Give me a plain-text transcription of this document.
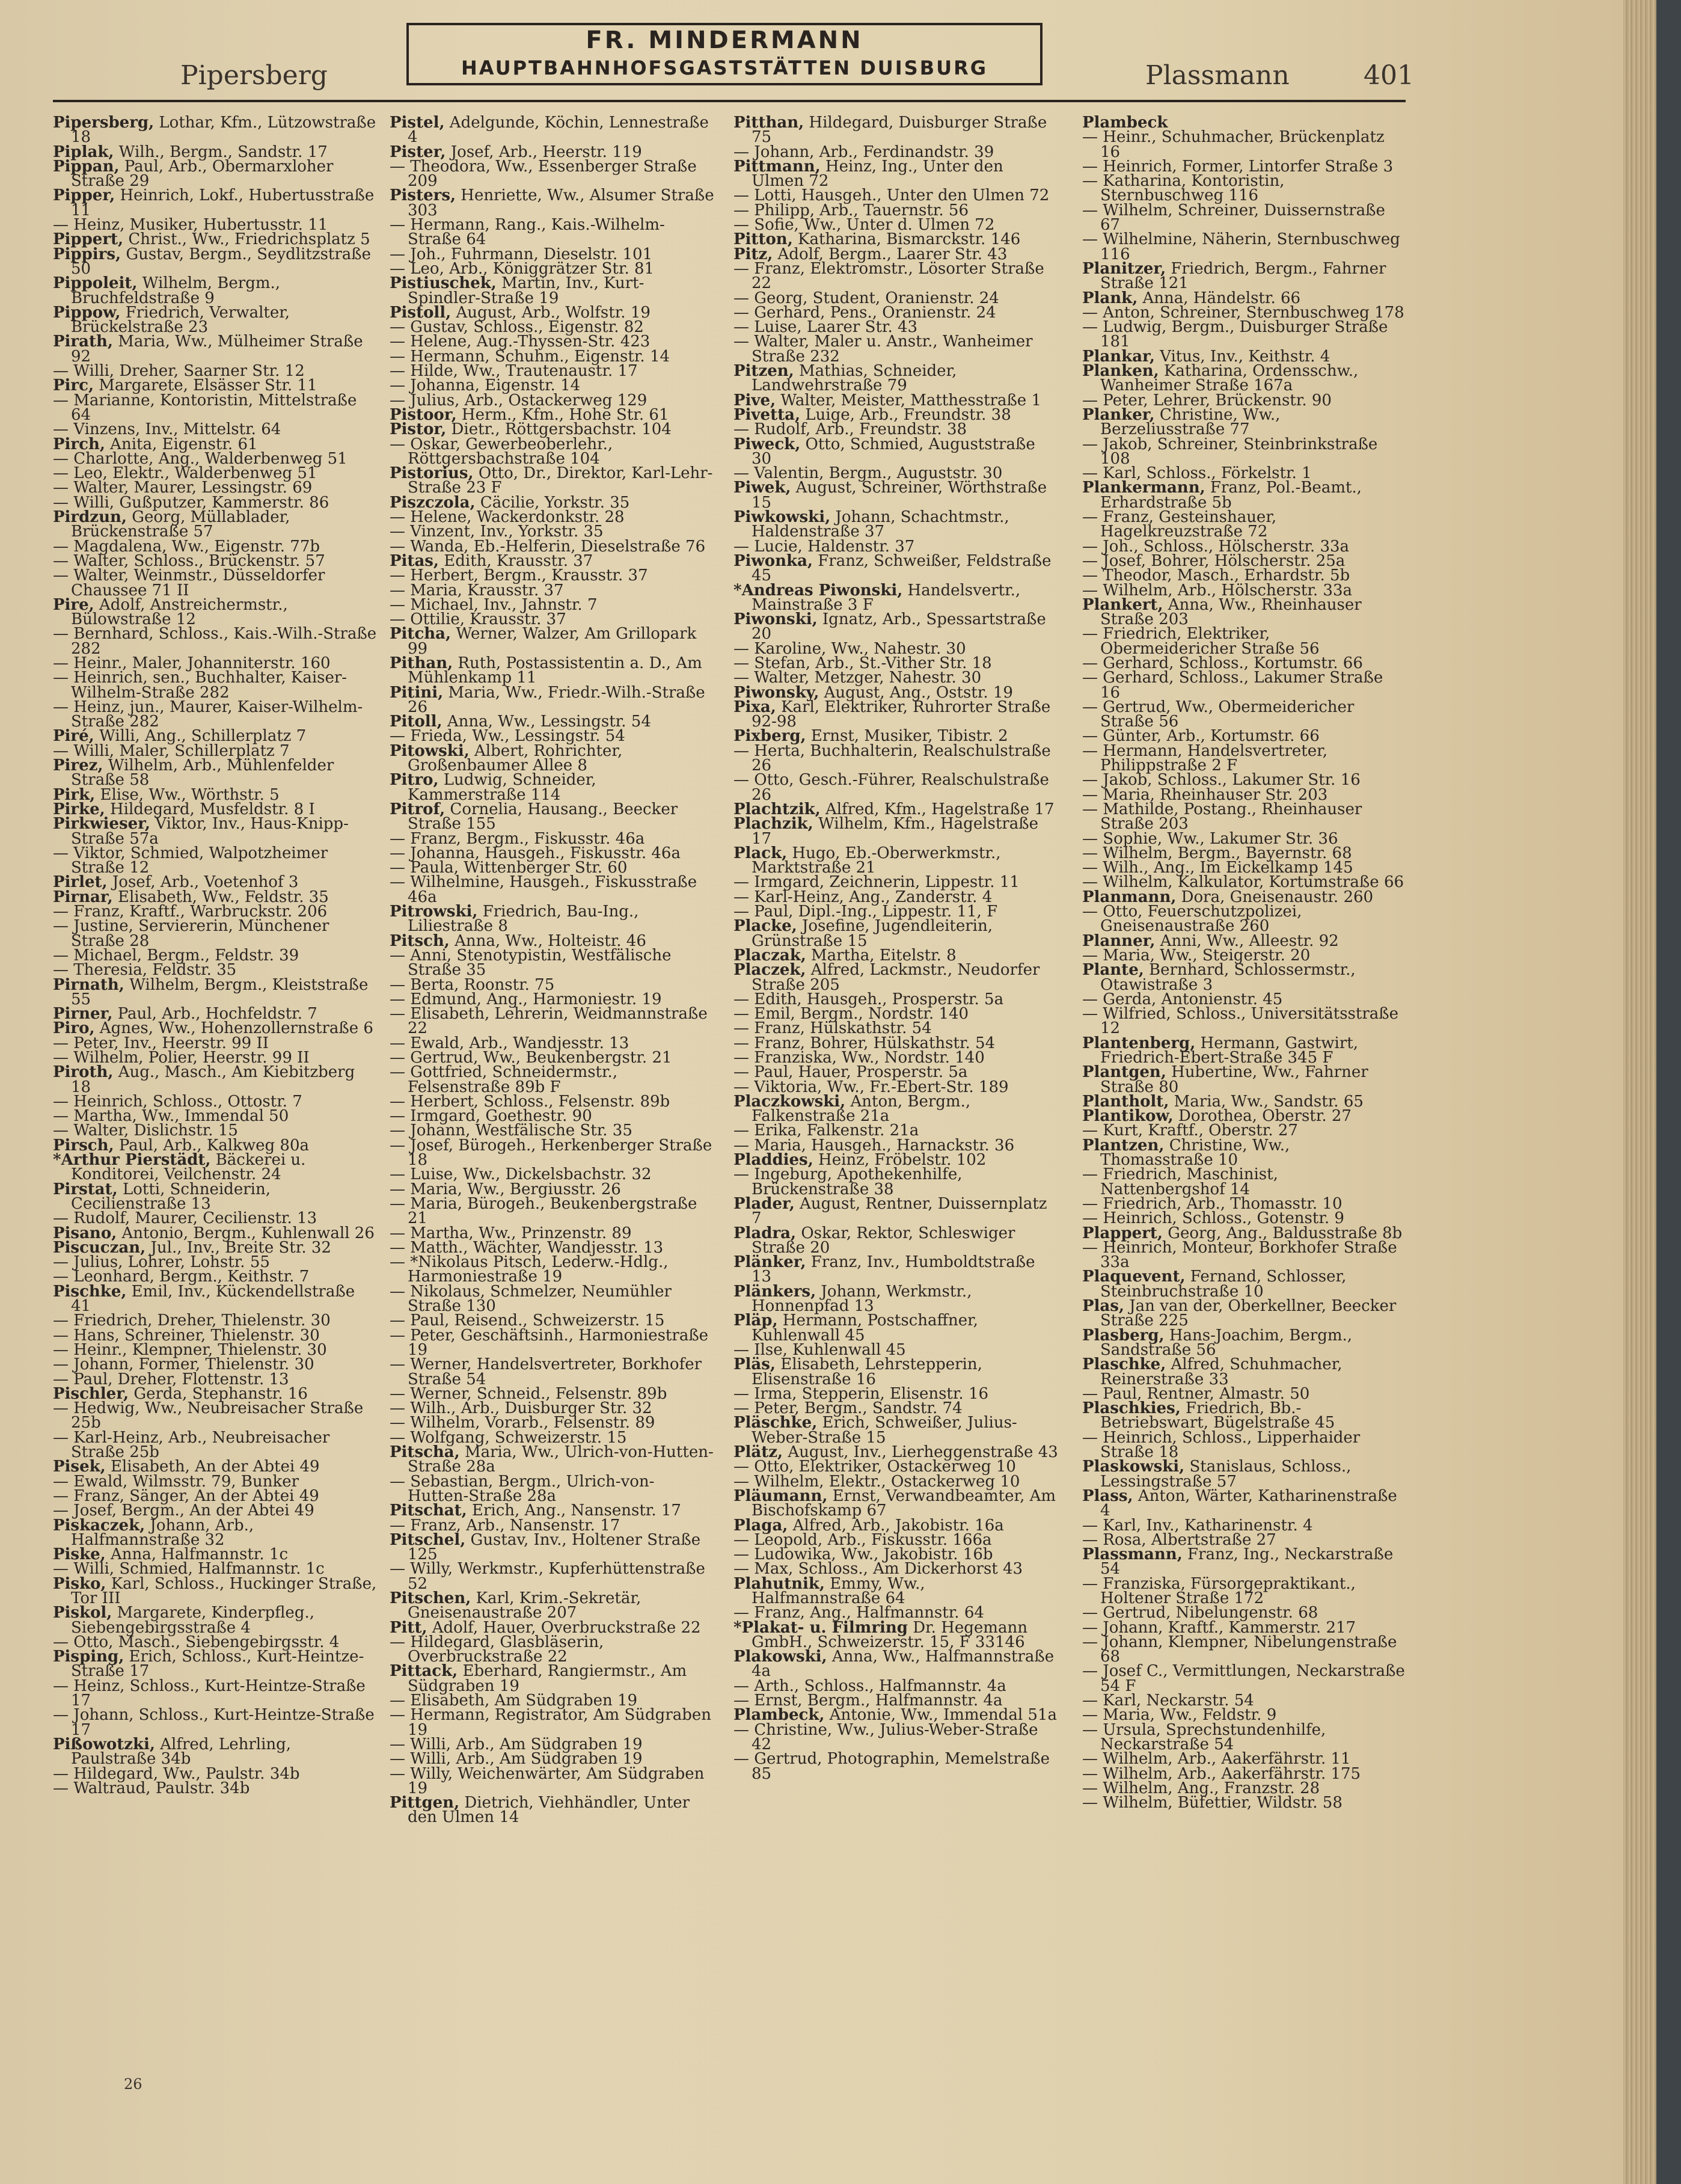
Pipersberg
FR. MINDERMANN
HAUPTBAHNHOFSGASTSTÄTTEN DUISBURG	Plassmann	401
Pipersberg, Lothar, Kfm., Lützowstraße 18
Piplak, Wilh., Bergm., Sandstr. 17
Pippan, Paul, Arb., Obermarxloher Straße 29
Pipper, Heinrich, Lokf., Hubertusstraße 11
— Heinz, Musiker, Hubertusstr. 11
Pippert, Christ., Ww., Friedrichsplatz 5
Pippirs, Gustav, Bergm., Seydlitzstraße 50
Pippoleit, Wilhelm, Bergm., Bruchfeldstraße 9
Pippow, Friedrich, Verwalter, Brückelstraße 23
Pirath, Maria, Ww., Mülheimer Straße 92
— Willi, Dreher, Saarner Str. 12
Pirc, Margarete, Elsässer Str. 11
— Marianne, Kontoristin, Mittelstraße 64
— Vinzens, Inv., Mittelstr. 64
Pirch, Anita, Eigenstr. 61
— Charlotte, Ang., Walderbenweg 51
— Leo, Elektr., Walderbenweg 51
— Walter, Maurer, Lessingstr. 69
— Willi, Gußputzer, Kammerstr. 86
Pirdzun, Georg, Müllablader, Brückenstraße 57
— Magdalena, Ww., Eigenstr. 77b
— Walter, Schloss., Brückenstr. 57
— Walter, Weinmstr., Düsseldorfer Chaussee 71 II
Pire, Adolf, Anstreichermstr., Bülowstraße 12
— Bernhard, Schloss., Kais.-Wilh.-Straße 282
— Heinr., Maler, Johanniterstr. 160
— Heinrich, sen., Buchhalter, Kaiser-Wilhelm-Straße 282
— Heinz, jun., Maurer, Kaiser-Wilhelm-Straße 282
Piré, Willi, Ang., Schillerplatz 7
— Willi, Maler, Schillerplatz 7
Pirez, Wilhelm, Arb., Mühlenfelder Straße 58
Pirk, Elise, Ww., Wörthstr. 5
Pirke, Hildegard, Musfeldstr. 8 I
Pirkwieser, Viktor, Inv., Haus-Knipp-Straße 57a
— Viktor, Schmied, Walpotzheimer Straße 12
Pirlet, Josef, Arb., Voetenhof 3
Pirnar, Elisabeth, Ww., Feldstr. 35
— Franz, Kraftf., Warbruckstr. 206
— Justine, Serviererin, Münchener Straße 28
— Michael, Bergm., Feldstr. 39
— Theresia, Feldstr. 35
Pirnath, Wilhelm, Bergm., Kleiststraße 55
Pirner, Paul, Arb., Hochfeldstr. 7
Piro, Agnes, Ww., Hohenzollernstraße 6
— Peter, Inv., Heerstr. 99 II
— Wilhelm, Polier, Heerstr. 99 II
Piroth, Aug., Masch., Am Kiebitzberg 18
— Heinrich, Schloss., Ottostr. 7
— Martha, Ww., Immendal 50
— Walter, Dislichstr. 15
Pirsch, Paul, Arb., Kalkweg 80a
*Arthur Pierstädt, Bäckerei u. Konditorei, Veilchenstr. 24
Pirstat, Lotti, Schneiderin, Cecilienstraße 13
— Rudolf, Maurer, Cecilienstr. 13
Pisano, Antonio, Bergm., Kuhlenwall 26
Piscuczan, Jul., Inv., Breite Str. 32
— Julius, Lohrer, Lohstr. 55
— Leonhard, Bergm., Keithstr. 7
Pischke, Emil, Inv., Kückendellstraße 41
— Friedrich, Dreher, Thielenstr. 30
— Hans, Schreiner, Thielenstr. 30
— Heinr., Klempner, Thielenstr. 30
— Johann, Former, Thielenstr. 30
— Paul, Dreher, Flottenstr. 13
Pischler, Gerda, Stephanstr. 16
— Hedwig, Ww., Neubreisacher Straße 25b
— Karl-Heinz, Arb., Neubreisacher Straße 25b
Pisek, Elisabeth, An der Abtei 49
— Ewald, Wilmsstr. 79, Bunker
— Franz, Sänger, An der Abtei 49
— Josef, Bergm., An der Abtei 49
Piskaczek, Johann, Arb., Halfmannstraße 32
Piske, Anna, Halfmannstr. 1c
— Willi, Schmied, Halfmannstr. 1c
Pisko, Karl, Schloss., Huckinger Straße, Tor III
Piskol, Margarete, Kinderpfleg., Siebengebirgsstraße 4
— Otto, Masch., Siebengebirgsstr. 4
Pisping, Erich, Schloss., Kurt-Heintze-Straße 17
— Heinz, Schloss., Kurt-Heintze-Straße 17
— Johann, Schloss., Kurt-Heintze-Straße 17
Pißowotzki, Alfred, Lehrling, Paulstraße 34b
— Hildegard, Ww., Paulstr. 34b
— Waltraud, Paulstr. 34b
Pistel, Adelgunde, Köchin, Lennestraße 4
Pister, Josef, Arb., Heerstr. 119
— Theodora, Ww., Essenberger Straße 209
Pisters, Henriette, Ww., Alsumer Straße 303
— Hermann, Rang., Kais.-Wilhelm-Straße 64
— Joh., Fuhrmann, Dieselstr. 101
— Leo, Arb., Königgrätzer Str. 81
Pistiuschek, Martin, Inv., Kurt-Spindler-Straße 19
Pistoll, August, Arb., Wolfstr. 19
— Gustav, Schloss., Eigenstr. 82
— Helene, Aug.-Thyssen-Str. 423
— Hermann, Schuhm., Eigenstr. 14
— Hilde, Ww., Trautenaustr. 17
— Johanna, Eigenstr. 14
— Julius, Arb., Ostackerweg 129
Pistoor, Herm., Kfm., Hohe Str. 61
Pistor, Dietr., Röttgersbachstr. 104
— Oskar, Gewerbeoberlehr., Röttgersbachstraße 104
Pistorius, Otto, Dr., Direktor, Karl-Lehr-Straße 23 F
Piszczola, Cäcilie, Yorkstr. 35
— Helene, Wackerdonkstr. 28
— Vinzent, Inv., Yorkstr. 35
— Wanda, Eb.-Helferin, Dieselstraße 76
Pitas, Edith, Krausstr. 37
— Herbert, Bergm., Krausstr. 37
— Maria, Krausstr. 37
— Michael, Inv., Jahnstr. 7
— Ottilie, Krausstr. 37
Pitcha, Werner, Walzer, Am Grillopark 99
Pithan, Ruth, Postassistentin a. D., Am Mühlenkamp 11
Pitini, Maria, Ww., Friedr.-Wilh.-Straße 26
Pitoll, Anna, Ww., Lessingstr. 54
— Frieda, Ww., Lessingstr. 54
Pitowski, Albert, Rohrichter, Großenbaumer Allee 8
Pitro, Ludwig, Schneider, Kammerstraße 114
Pitrof, Cornelia, Hausang., Beecker Straße 155
— Franz, Bergm., Fiskusstr. 46a
— Johanna, Hausgeh., Fiskusstr. 46a
— Paula, Wittenberger Str. 60
— Wilhelmine, Hausgeh., Fiskusstraße 46a
Pitrowski, Friedrich, Bau-Ing., Liliestraße 8
Pitsch, Anna, Ww., Holteistr. 46
— Anni, Stenotypistin, Westfälische Straße 35
— Berta, Roonstr. 75
— Edmund, Ang., Harmoniestr. 19
— Elisabeth, Lehrerin, Weidmannstraße 22
— Ewald, Arb., Wandjesstr. 13
— Gertrud, Ww., Beukenbergstr. 21
— Gottfried, Schneidermstr., Felsenstraße 89b F
— Herbert, Schloss., Felsenstr. 89b
— Irmgard, Goethestr. 90
— Johann, Westfälische Str. 35
— Josef, Bürogeh., Herkenberger Straße 18
— Luise, Ww., Dickelsbachstr. 32
— Maria, Ww., Bergiusstr. 26
— Maria, Bürogeh., Beukenbergstraße 21
— Martha, Ww., Prinzenstr. 89
— Matth., Wächter, Wandjesstr. 13
— *Nikolaus Pitsch, Lederw.-Hdlg., Harmoniestraße 19
— Nikolaus, Schmelzer, Neumühler Straße 130
— Paul, Reisend., Schweizerstr. 15
— Peter, Geschäftsinh., Harmoniestraße 19
— Werner, Handelsvertreter, Borkhofer Straße 54
— Werner, Schneid., Felsenstr. 89b
— Wilh., Arb., Duisburger Str. 32
— Wilhelm, Vorarb., Felsenstr. 89
— Wolfgang, Schweizerstr. 15
Pitscha, Maria, Ww., Ulrich-von-Hutten-Straße 28a
— Sebastian, Bergm., Ulrich-von-Hutten-Straße 28a
Pitschat, Erich, Ang., Nansenstr. 17
— Franz, Arb., Nansenstr. 17
Pitschel, Gustav, Inv., Holtener Straße 125
— Willy, Werkmstr., Kupferhüttenstraße 52
Pitschen, Karl, Krim.-Sekretär, Gneisenaustraße 207
Pitt, Adolf, Hauer, Overbruckstraße 22
— Hildegard, Glasbläserin, Overbruckstraße 22
Pittack, Eberhard, Rangiermstr., Am Südgraben 19
— Elisabeth, Am Südgraben 19
— Hermann, Registrator, Am Südgraben 19
— Willi, Arb., Am Südgraben 19
— Willi, Arb., Am Südgraben 19
— Willy, Weichenwärter, Am Südgraben 19
Pittgen, Dietrich, Viehhändler, Unter den Ulmen 14
Pitthan, Hildegard, Duisburger Straße 75
— Johann, Arb., Ferdinandstr. 39
Pittmann, Heinz, Ing., Unter den Ulmen 72
— Lotti, Hausgeh., Unter den Ulmen 72
— Philipp, Arb., Tauernstr. 56
— Sofie, Ww., Unter d. Ulmen 72
Pitton, Katharina, Bismarckstr. 146
Pitz, Adolf, Bergm., Laarer Str. 43
— Franz, Elektromstr., Lösorter Straße 22
— Georg, Student, Oranienstr. 24
— Gerhard, Pens., Oranienstr. 24
— Luise, Laarer Str. 43
— Walter, Maler u. Anstr., Wanheimer Straße 232
Pitzen, Mathias, Schneider, Landwehrstraße 79
Pive, Walter, Meister, Matthesstraße 1
Pivetta, Luige, Arb., Freundstr. 38
— Rudolf, Arb., Freundstr. 38
Piweck, Otto, Schmied, Auguststraße 30
— Valentin, Bergm., Auguststr. 30
Piwek, August, Schreiner, Wörthstraße 15
Piwkowski, Johann, Schachtmstr., Haldenstraße 37
— Lucie, Haldenstr. 37
Piwonka, Franz, Schweißer, Feldstraße 45
*Andreas Piwonski, Handelsvertr., Mainstraße 3 F
Piwonski, Ignatz, Arb., Spessartstraße 20
— Karoline, Ww., Nahestr. 30
— Stefan, Arb., St.-Vither Str. 18
— Walter, Metzger, Nahestr. 30
Piwonsky, August, Ang., Oststr. 19
Pixa, Karl, Elektriker, Ruhrorter Straße 92-98
Pixberg, Ernst, Musiker, Tibistr. 2
— Herta, Buchhalterin, Realschulstraße 26
— Otto, Gesch.-Führer, Realschulstraße 26
Plachtzik, Alfred, Kfm., Hagelstraße 17
Plachzik, Wilhelm, Kfm., Hagelstraße 17
Plack, Hugo, Eb.-Oberwerkmstr., Marktstraße 21
— Irmgard, Zeichnerin, Lippestr. 11
— Karl-Heinz, Ang., Zanderstr. 4
— Paul, Dipl.-Ing., Lippestr. 11, F
Placke, Josefine, Jugendleiterin, Grünstraße 15
Placzak, Martha, Eitelstr. 8
Placzek, Alfred, Lackmstr., Neudorfer Straße 205
— Edith, Hausgeh., Prosperstr. 5a
— Emil, Bergm., Nordstr. 140
— Franz, Hülskathstr. 54
— Franz, Bohrer, Hülskathstr. 54
— Franziska, Ww., Nordstr. 140
— Paul, Hauer, Prosperstr. 5a
— Viktoria, Ww., Fr.-Ebert-Str. 189
Placzkowski, Anton, Bergm., Falkenstraße 21a
— Erika, Falkenstr. 21a
— Maria, Hausgeh., Harnackstr. 36
Pladdies, Heinz, Fröbelstr. 102
— Ingeburg, Apothekenhilfe, Brückenstraße 38
Plader, August, Rentner, Duissernplatz 7
Pladra, Oskar, Rektor, Schleswiger Straße 20
Plänker, Franz, Inv., Humboldtstraße 13
Plänkers, Johann, Werkmstr., Honnenpfad 13
Pläp, Hermann, Postschaffner, Kuhlenwall 45
— Ilse, Kuhlenwall 45
Pläs, Elisabeth, Lehrstepperin, Elisenstraße 16
— Irma, Stepperin, Elisenstr. 16
— Peter, Bergm., Sandstr. 74
Pläschke, Erich, Schweißer, Julius-Weber-Straße 15
Plätz, August, Inv., Lierheggenstraße 43
— Otto, Elektriker, Ostackerweg 10
— Wilhelm, Elektr., Ostackerweg 10
Pläumann, Ernst, Verwandbeamter, Am Bischofskamp 67
Plaga, Alfred, Arb., Jakobistr. 16a
— Leopold, Arb., Fiskusstr. 166a
— Ludowika, Ww., Jakobistr. 16b
— Max, Schloss., Am Dickerhorst 43
Plahutnik, Emmy, Ww., Halfmannstraße 64
— Franz, Ang., Halfmannstr. 64
*Plakat- u. Filmring Dr. Hegemann GmbH., Schweizerstr. 15, F 33146
Plakowski, Anna, Ww., Halfmannstraße 4a
— Arth., Schloss., Halfmannstr. 4a
— Ernst, Bergm., Halfmannstr. 4a
Plambeck, Antonie, Ww., Immendal 51a
— Christine, Ww., Julius-Weber-Straße 42
— Gertrud, Photographin, Memelstraße 85
Plambeck
— Heinr., Schuhmacher, Brückenplatz 16
— Heinrich, Former, Lintorfer Straße 3
— Katharina, Kontoristin, Sternbuschweg 116
— Wilhelm, Schreiner, Duissernstraße 67
— Wilhelmine, Näherin, Sternbuschweg 116
Planitzer, Friedrich, Bergm., Fahrner Straße 121
Plank, Anna, Händelstr. 66
— Anton, Schreiner, Sternbuschweg 178
— Ludwig, Bergm., Duisburger Straße 181
Plankar, Vitus, Inv., Keithstr. 4
Planken, Katharina, Ordensschw., Wanheimer Straße 167a
— Peter, Lehrer, Brückenstr. 90
Planker, Christine, Ww., Berzeliusstraße 77
— Jakob, Schreiner, Steinbrinkstraße 108
— Karl, Schloss., Förkelstr. 1
Plankermann, Franz, Pol.-Beamt., Erhardstraße 5b
— Franz, Gesteinshauer, Hagelkreuzstraße 72
— Joh., Schloss., Hölscherstr. 33a
— Josef, Bohrer, Hölscherstr. 25a
— Theodor, Masch., Erhardstr. 5b
— Wilhelm, Arb., Hölscherstr. 33a
Plankert, Anna, Ww., Rheinhauser Straße 203
— Friedrich, Elektriker, Obermeidericher Straße 56
— Gerhard, Schloss., Kortumstr. 66
— Gerhard, Schloss., Lakumer Straße 16
— Gertrud, Ww., Obermeidericher Straße 56
— Günter, Arb., Kortumstr. 66
— Hermann, Handelsvertreter, Philippstraße 2 F
— Jakob, Schloss., Lakumer Str. 16
— Maria, Rheinhauser Str. 203
— Mathilde, Postang., Rheinhauser Straße 203
— Sophie, Ww., Lakumer Str. 36
— Wilhelm, Bergm., Bayernstr. 68
— Wilh., Ang., Im Eickelkamp 145
— Wilhelm, Kalkulator, Kortumstraße 66
Planmann, Dora, Gneisenaustr. 260
— Otto, Feuerschutzpolizei, Gneisenaustraße 260
Planner, Anni, Ww., Alleestr. 92
— Maria, Ww., Steigerstr. 20
Plante, Bernhard, Schlossermstr., Otawistraße 3
— Gerda, Antonienstr. 45
— Wilfried, Schloss., Universitätsstraße 12
Plantenberg, Hermann, Gastwirt, Friedrich-Ebert-Straße 345 F
Plantgen, Hubertine, Ww., Fahrner Straße 80
Plantholt, Maria, Ww., Sandstr. 65
Plantikow, Dorothea, Oberstr. 27
— Kurt, Kraftf., Oberstr. 27
Plantzen, Christine, Ww., Thomasstraße 10
— Friedrich, Maschinist, Nattenbergshof 14
— Friedrich, Arb., Thomasstr. 10
— Heinrich, Schloss., Gotenstr. 9
Plappert, Georg, Ang., Baldusstraße 8b
— Heinrich, Monteur, Borkhofer Straße 33a
Plaquevent, Fernand, Schlosser, Steinbruchstraße 10
Plas, Jan van der, Oberkellner, Beecker Straße 225
Plasberg, Hans-Joachim, Bergm., Sandstraße 56
Plaschke, Alfred, Schuhmacher, Reinerstraße 33
— Paul, Rentner, Almastr. 50
Plaschkies, Friedrich, Bb.-Betriebswart, Bügelstraße 45
— Heinrich, Schloss., Lipperhaider Straße 18
Plaskowski, Stanislaus, Schloss., Lessingstraße 57
Plass, Anton, Wärter, Katharinenstraße 4
— Karl, Inv., Katharinenstr. 4
— Rosa, Albertstraße 27
Plassmann, Franz, Ing., Neckarstraße 54
— Franziska, Fürsorgepraktikant., Holtener Straße 172
— Gertrud, Nibelungenstr. 68
— Johann, Kraftf., Kammerstr. 217
— Johann, Klempner, Nibelungenstraße 68
— Josef C., Vermittlungen, Neckarstraße 54 F
— Karl, Neckarstr. 54
— Maria, Ww., Feldstr. 9
— Ursula, Sprechstundenhilfe, Neckarstraße 54
— Wilhelm, Arb., Aakerfährstr. 11
— Wilhelm, Arb., Aakerfährstr. 175
— Wilhelm, Ang., Franzstr. 28
— Wilhelm, Büfettier, Wildstr. 58
26
